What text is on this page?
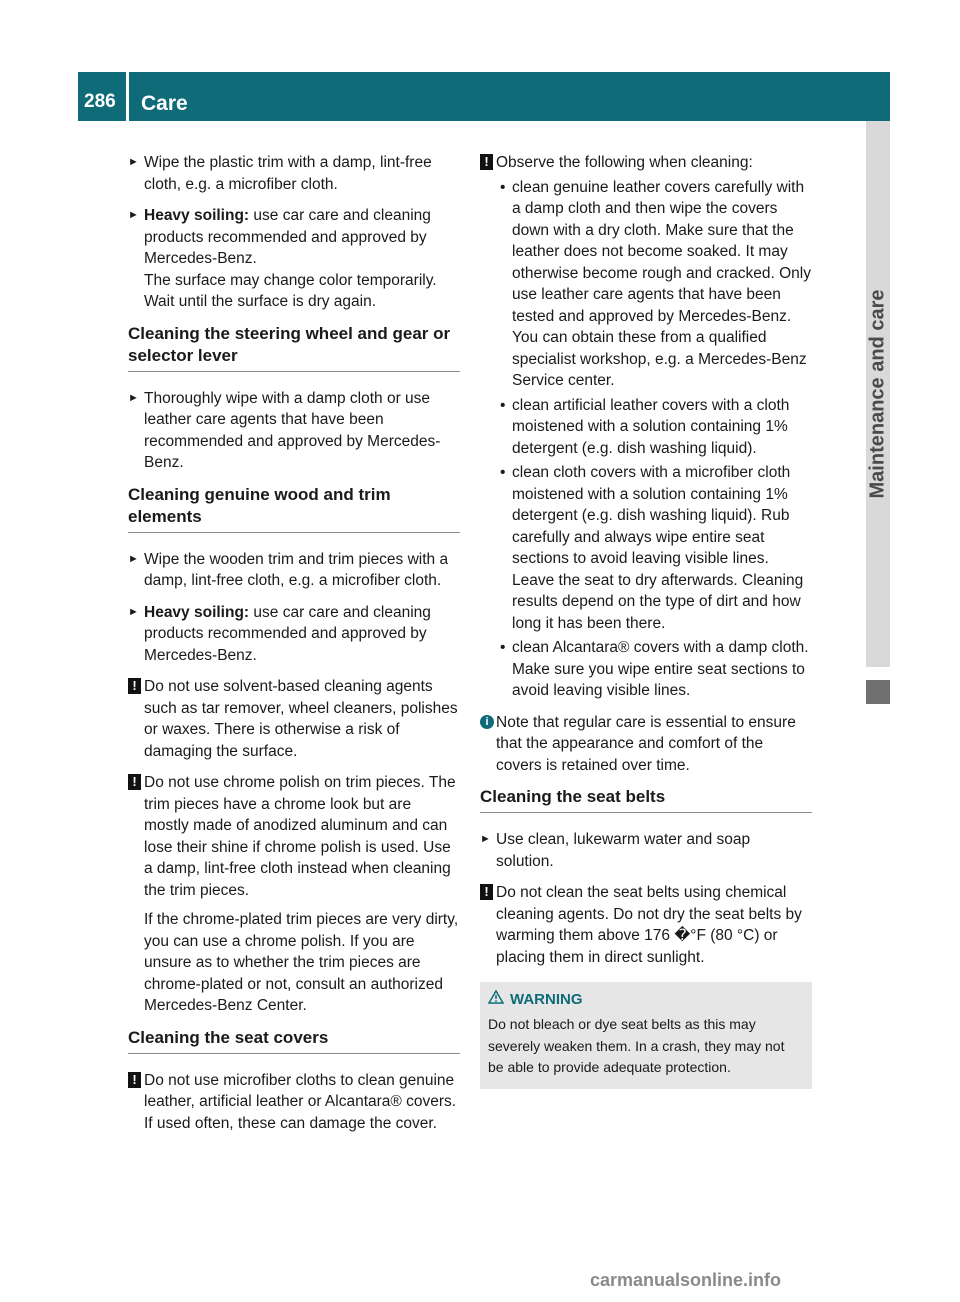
286	Care
Maintenance and care
► Wipe the plastic trim with a damp, lint-free cloth, e.g. a microfiber cloth.
► Heavy soiling: use car care and cleaning products recommended and approved by Mercedes-Benz.
The surface may change color temporarily. Wait until the surface is dry again.
Cleaning the steering wheel and gear or selector lever
► Thoroughly wipe with a damp cloth or use leather care agents that have been recommended and approved by Mercedes-Benz.
Cleaning genuine wood and trim elements
► Wipe the wooden trim and trim pieces with a damp, lint-free cloth, e.g. a microfiber cloth.
► Heavy soiling: use car care and cleaning products recommended and approved by Mercedes-Benz.
! Do not use solvent-based cleaning agents such as tar remover, wheel cleaners, polishes or waxes. There is otherwise a risk of damaging the surface.
! Do not use chrome polish on trim pieces. The trim pieces have a chrome look but are mostly made of anodized aluminum and can lose their shine if chrome polish is used. Use a damp, lint-free cloth instead when cleaning the trim pieces.
If the chrome-plated trim pieces are very dirty, you can use a chrome polish. If you are unsure as to whether the trim pieces are chrome-plated or not, consult an authorized Mercedes-Benz Center.
Cleaning the seat covers
! Do not use microfiber cloths to clean genuine leather, artificial leather or Alcantara® covers. If used often, these can damage the cover.
! Observe the following when cleaning:
• clean genuine leather covers carefully with a damp cloth and then wipe the covers down with a dry cloth. Make sure that the leather does not become soaked. It may otherwise become rough and cracked. Only use leather care agents that have been tested and approved by Mercedes-Benz. You can obtain these from a qualified specialist workshop, e.g. a Mercedes-Benz Service center.
• clean artificial leather covers with a cloth moistened with a solution containing 1% detergent (e.g. dish washing liquid).
• clean cloth covers with a microfiber cloth moistened with a solution containing 1% detergent (e.g. dish washing liquid). Rub carefully and always wipe entire seat sections to avoid leaving visible lines. Leave the seat to dry afterwards. Cleaning results depend on the type of dirt and how long it has been there.
• clean Alcantara® covers with a damp cloth. Make sure you wipe entire seat sections to avoid leaving visible lines.
i Note that regular care is essential to ensure that the appearance and comfort of the covers is retained over time.
Cleaning the seat belts
► Use clean, lukewarm water and soap solution.
! Do not clean the seat belts using chemical cleaning agents. Do not dry the seat belts by warming them above 176 �°F (80 °C) or placing them in direct sunlight.
WARNING
Do not bleach or dye seat belts as this may severely weaken them. In a crash, they may not be able to provide adequate protection.
carmanualsonline.info
